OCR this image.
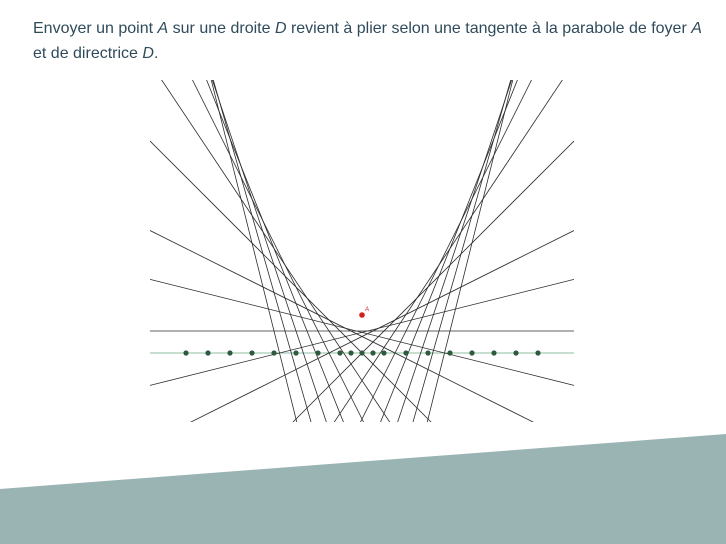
Envoyer un point A sur une droite D revient à plier selon une tangente à la parabole de foyer A et de directrice D.

A
